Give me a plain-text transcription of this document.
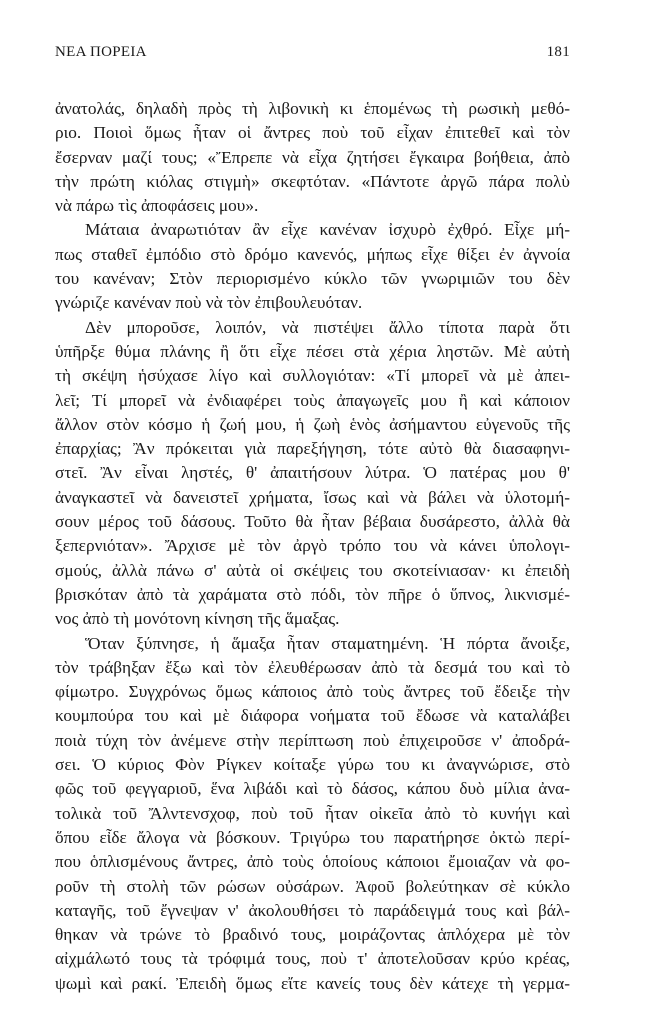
ΝΕΑ ΠΟΡΕΙΑ	181
ἀνατολάς, δηλαδὴ πρὸς τὴ λιβονικὴ κι ἑπομένως τὴ ρωσικὴ μεθό-
ριο. Ποιοὶ ὅμως ἦταν οἱ ἄντρες ποὺ τοῦ εἶχαν ἐπιτεθεῖ καὶ τὸν
ἔσερναν μαζί τους; «Ἔπρεπε νὰ εἶχα ζητήσει ἔγκαιρα βοήθεια, ἀπὸ
τὴν πρώτη κιόλας στιγμὴ» σκεφτόταν. «Πάντοτε ἀργῶ πάρα πολὺ
νὰ πάρω τὶς ἀποφάσεις μου».
Μάταια ἀναρωτιόταν ἂν εἶχε κανέναν ἰσχυρὸ ἐχθρό. Εἶχε μή-
πως σταθεῖ ἐμπόδιο στὸ δρόμο κανενός, μήπως εἶχε θίξει ἐν ἀγνοία
του κανέναν; Στὸν περιορισμένο κύκλο τῶν γνωριμιῶν του δὲν
γνώριζε κανέναν ποὺ νὰ τὸν ἐπιβουλευόταν.
Δὲν μποροῦσε, λοιπόν, νὰ πιστέψει ἄλλο τίποτα παρὰ ὅτι
ὑπῆρξε θύμα πλάνης ἢ ὅτι εἶχε πέσει στὰ χέρια ληστῶν. Μὲ αὐτὴ
τὴ σκέψη ἡσύχασε λίγο καὶ συλλογιόταν: «Τί μπορεῖ νὰ μὲ ἀπει-
λεῖ; Τί μπορεῖ νὰ ἐνδιαφέρει τοὺς ἀπαγωγεῖς μου ἢ καὶ κάποιον
ἄλλον στὸν κόσμο ἡ ζωή μου, ἡ ζωὴ ἑνὸς ἀσήμαντου εὐγενοῦς τῆς
ἐπαρχίας; Ἂν πρόκειται γιὰ παρεξήγηση, τότε αὐτὸ θὰ διασαφηνι-
στεῖ. Ἂν εἶναι ληστές, θ' ἀπαιτήσουν λύτρα. Ὁ πατέρας μου θ'
ἀναγκαστεῖ νὰ δανειστεῖ χρήματα, ἴσως καὶ νὰ βάλει νὰ ὑλοτομή-
σουν μέρος τοῦ δάσους. Τοῦτο θὰ ἦταν βέβαια δυσάρεστο, ἀλλὰ θὰ
ξεπερνιόταν». Ἄρχισε μὲ τὸν ἀργὸ τρόπο του νὰ κάνει ὑπολογι-
σμούς, ἀλλὰ πάνω σ' αὐτὰ οἱ σκέψεις του σκοτείνιασαν· κι ἐπειδὴ
βρισκόταν ἀπὸ τὰ χαράματα στὸ πόδι, τὸν πῆρε ὁ ὕπνος, λικνισμέ-
νος ἀπὸ τὴ μονότονη κίνηση τῆς ἅμαξας.
Ὅταν ξύπνησε, ἡ ἅμαξα ἦταν σταματημένη. Ἡ πόρτα ἄνοιξε,
τὸν τράβηξαν ἔξω καὶ τὸν ἐλευθέρωσαν ἀπὸ τὰ δεσμά του καὶ τὸ
φίμωτρο. Συγχρόνως ὅμως κάποιος ἀπὸ τοὺς ἄντρες τοῦ ἔδειξε τὴν
κουμπούρα του καὶ μὲ διάφορα νοήματα τοῦ ἔδωσε νὰ καταλάβει
ποιὰ τύχη τὸν ἀνέμενε στὴν περίπτωση ποὺ ἐπιχειροῦσε ν' ἀποδρά-
σει. Ὁ κύριος Φὸν Ρίγκεν κοίταξε γύρω του κι ἀναγνώρισε, στὸ
φῶς τοῦ φεγγαριοῦ, ἕνα λιβάδι καὶ τὸ δάσος, κάπου δυὸ μίλια ἀνα-
τολικὰ τοῦ Ἄλντενσχοφ, ποὺ τοῦ ἦταν οἰκεῖα ἀπὸ τὸ κυνήγι καὶ
ὅπου εἶδε ἄλογα νὰ βόσκουν. Τριγύρω του παρατήρησε ὀκτὼ περί-
που ὁπλισμένους ἄντρες, ἀπὸ τοὺς ὁποίους κάποιοι ἔμοιαζαν νὰ φο-
ροῦν τὴ στολὴ τῶν ρώσων οὐσάρων. Ἀφοῦ βολεύτηκαν σὲ κύκλο
καταγῆς, τοῦ ἔγνεψαν ν' ἀκολουθήσει τὸ παράδειγμά τους καὶ βάλ-
θηκαν νὰ τρώνε τὸ βραδινό τους, μοιράζοντας ἁπλόχερα μὲ τὸν
αἰχμάλωτό τους τὰ τρόφιμά τους, ποὺ τ' ἀποτελοῦσαν κρύο κρέας,
ψωμὶ καὶ ρακί. Ἐπειδὴ ὅμως εἴτε κανείς τους δὲν κάτεχε τὴ γερμα-
